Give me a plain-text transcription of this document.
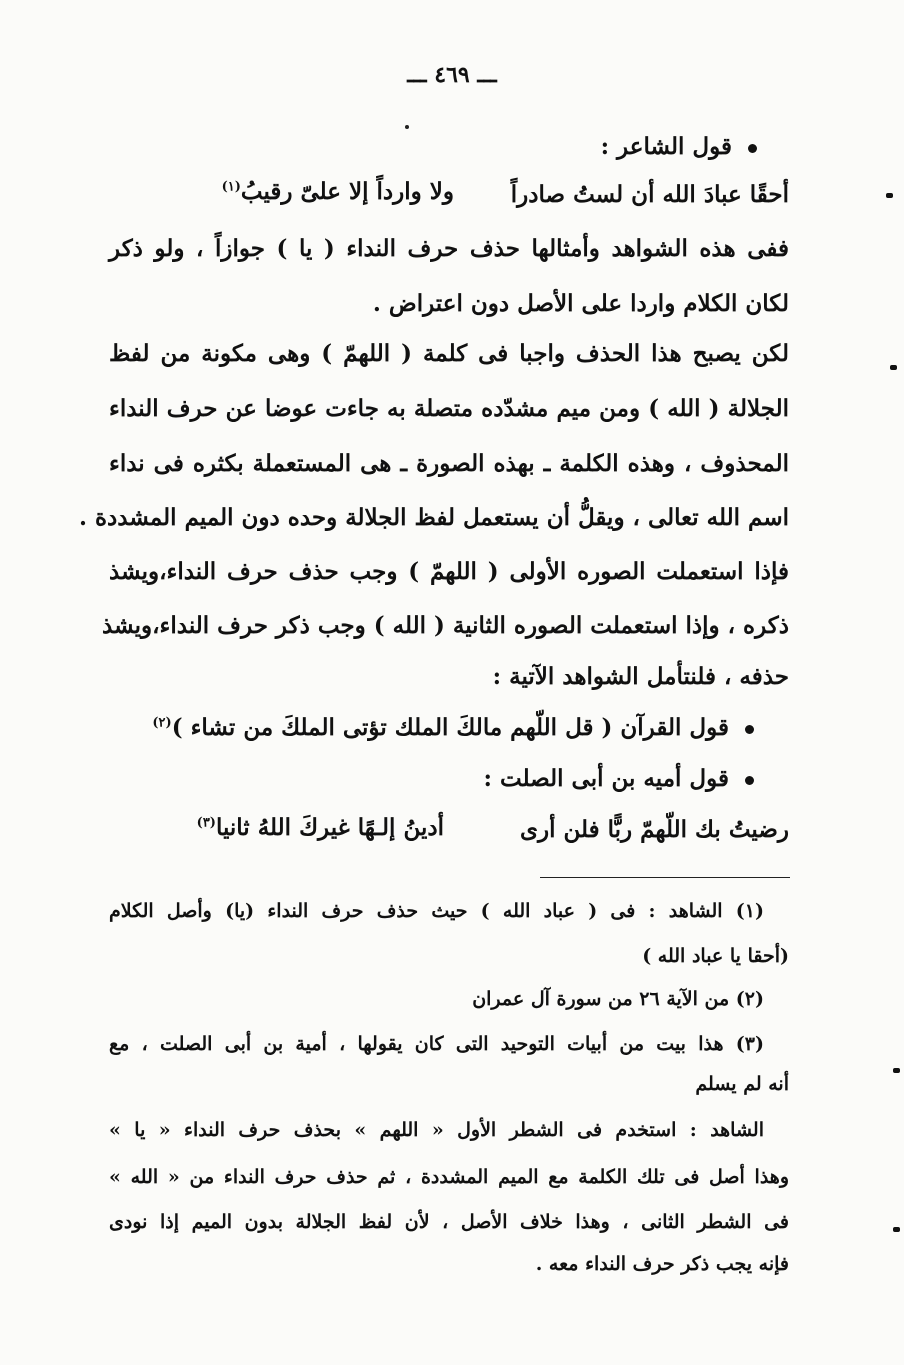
ـــ ٤٦٩ ـــ
قول الشاعر :
أحقًا عبادَ الله أن لستُ صادراً
ولا وارداً إلا علىّ رقيبُ$^{(١)}$
ففى هذه الشواهد وأمثالها حذف حرف النداء ( يا ) جوازاً ، ولو ذكر
لكان الكلام واردا على الأصل دون اعتراض .
لكن يصبح هذا الحذف واجبا فى كلمة ( اللهمّ ) وهى مكونة من لفظ
الجلالة ( الله ) ومن ميم مشدّده متصلة به جاءت عوضا عن حرف النداء
المحذوف ، وهذه الكلمة ـ بهذه الصورة ـ هى المستعملة بكثره فى نداء
اسم الله تعالى ، ويقلُّ أن يستعمل لفظ الجلالة وحده دون الميم المشددة .
فإذا استعملت الصوره الأولى ( اللهمّ ) وجب حذف حرف النداء،ويشذ
ذكره ، وإذا استعملت الصوره الثانية ( الله ) وجب ذكر حرف النداء،ويشذ
حذفه ، فلنتأمل الشواهد الآتية :
قول القرآن ( قل اللّهم مالكَ الملك تؤتى الملكَ من تشاء )$^{(٢)}$
قول أميه بن أبى الصلت :
رضيتُ بك اللّهمّ ربًّا فلن أرى
أدينُ إلـهًا غيركَ اللهُ ثانيا$^{(٣)}$
(١) الشاهد : فى ( عباد الله ) حيث حذف حرف النداء (يا) وأصل الكلام
(أحقا يا عباد الله )
(٢) من الآية ٢٦ من سورة آل عمران
(٣) هذا بيت من أبيات التوحيد التى كان يقولها ، أمية بن أبى الصلت ، مع
أنه لم يسلم
الشاهد : استخدم فى الشطر الأول « اللهم » بحذف حرف النداء « يا »
وهذا أصل فى تلك الكلمة مع الميم المشددة ، ثم حذف حرف النداء من « الله »
فى الشطر الثانى ، وهذا خلاف الأصل ، لأن لفظ الجلالة بدون الميم إذا نودى
فإنه يجب ذكر حرف النداء معه .
